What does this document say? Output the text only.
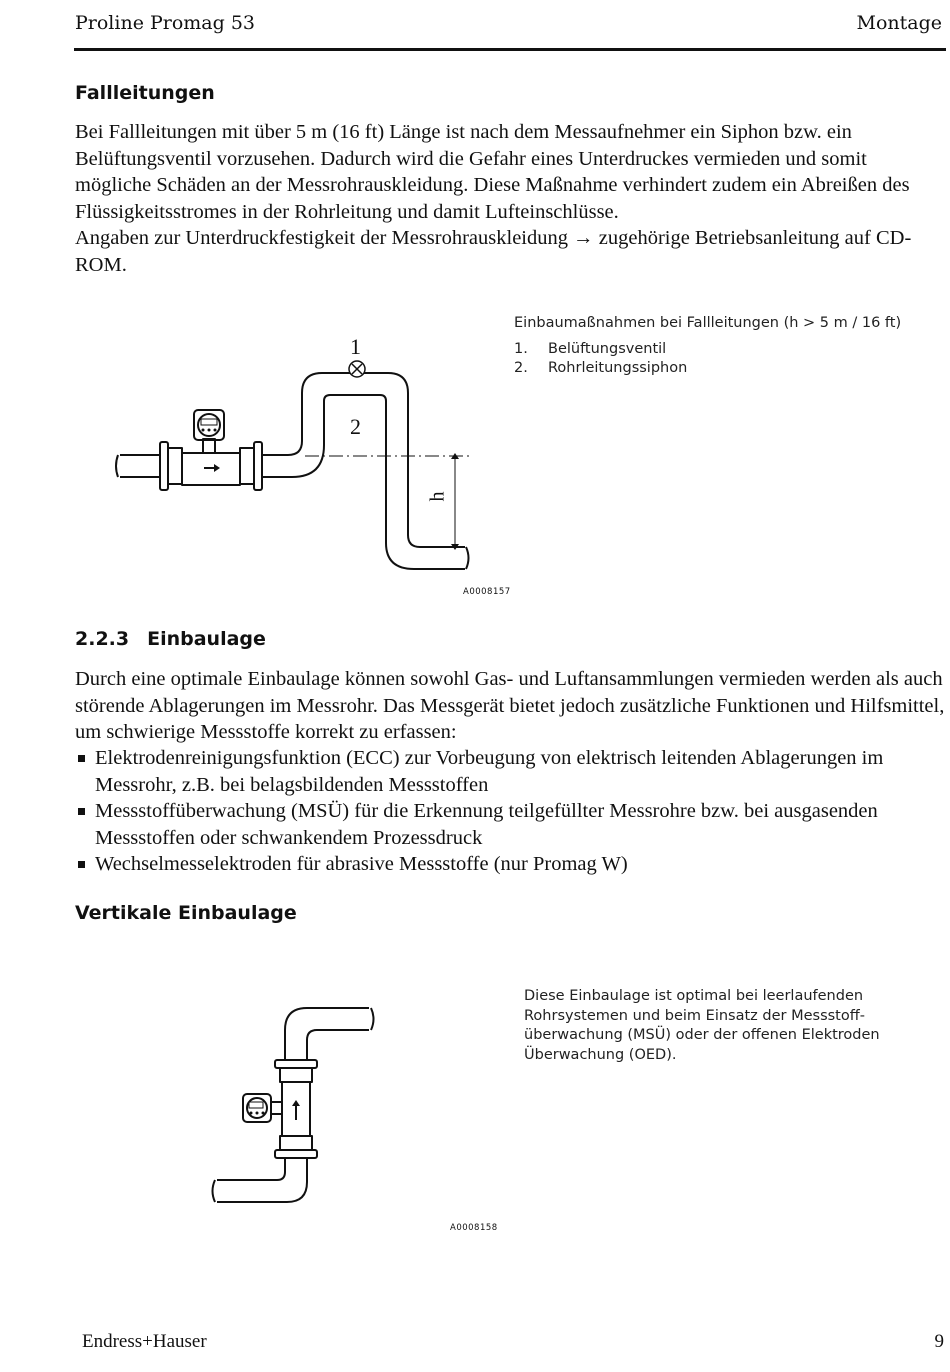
Proline Promag 53	Montage
Fallleitungen

Bei Fallleitungen mit über 5 m (16 ft) Länge ist nach dem Messaufnehmer ein Siphon bzw. ein Belüftungsventil vorzusehen. Dadurch wird die Gefahr eines Unterdruckes vermieden und somit mögliche Schäden an der Messrohrauskleidung. Diese Maßnahme verhindert zudem ein Abreißen des Flüssigkeitsstromes in der Rohrleitung und damit Lufteinschlüsse.

Angaben zur Unterdruckfestigkeit der Messrohrauskleidung → zugehörige Betriebsanleitung auf CD-ROM.

1
2
h
A0008157
Einbaumaßnahmen bei Fallleitungen (h > 5 m / 16 ft)
1.	Belüftungsventil
2.	Rohrleitungssiphon
2.2.3 Einbaulage

Durch eine optimale Einbaulage können sowohl Gas- und Luftansammlungen vermieden werden als auch störende Ablagerungen im Messrohr. Das Messgerät bietet jedoch zusätzliche Funktionen und Hilfsmittel, um schwierige Messstoffe korrekt zu erfassen:

Elektrodenreinigungsfunktion (ECC) zur Vorbeugung von elektrisch leitenden Ablagerungen im Messrohr, z.B. bei belagsbildenden Messstoffen
Messstoffüberwachung (MSÜ) für die Erkennung teilgefüllter Messrohre bzw. bei ausgasenden Messstoffen oder schwankendem Prozessdruck
Wechselmesselektroden für abrasive Messstoffe (nur Promag W)
Vertikale Einbaulage
A0008158
Diese Einbaulage ist optimal bei leerlaufenden Rohrsystemen und beim Einsatz der Messstoff-überwachung (MSÜ) oder der offenen Elektroden Überwachung (OED).
Endress+Hauser	9
